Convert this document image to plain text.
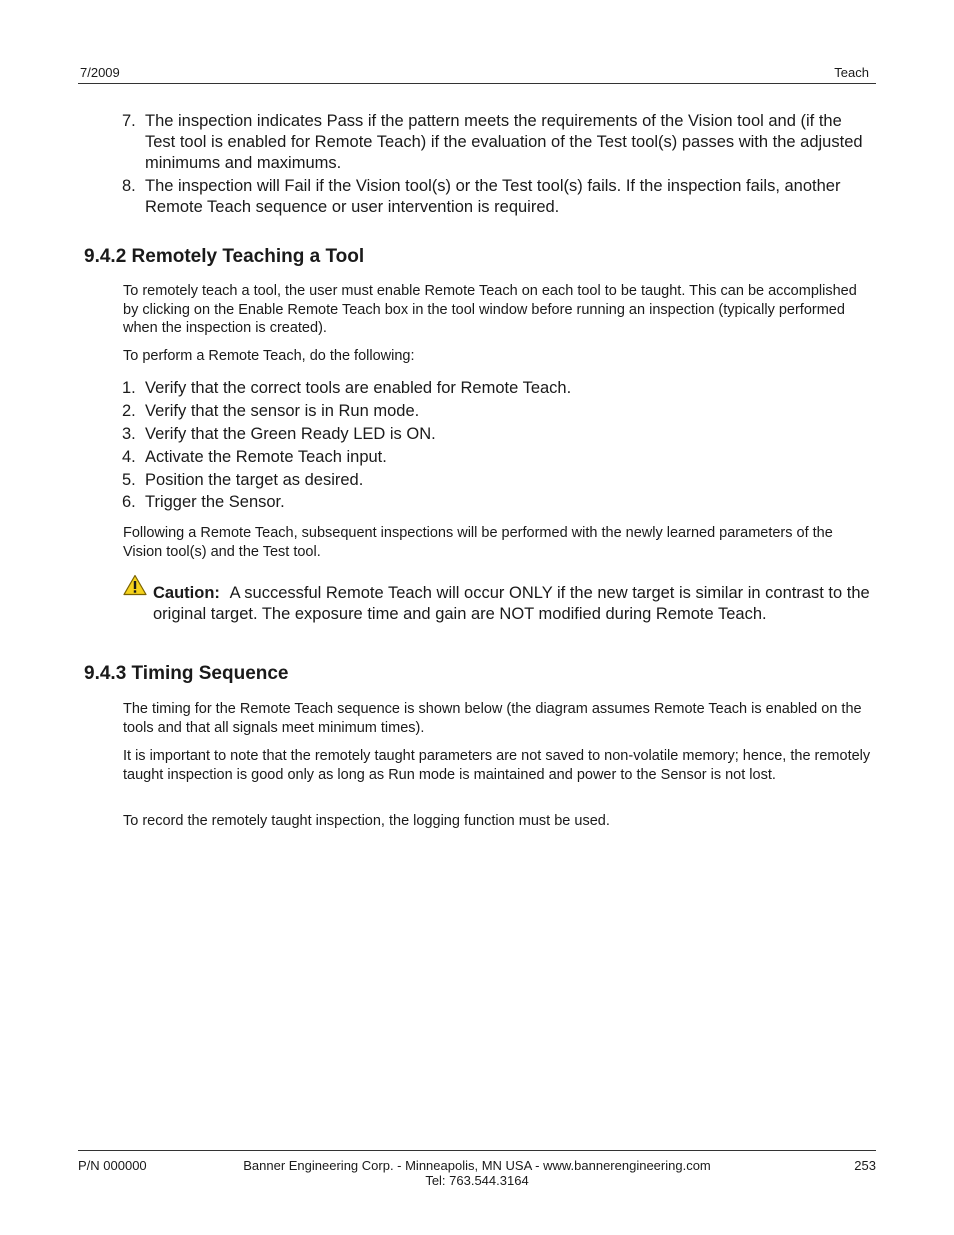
7/2009	Teach
7. The inspection indicates Pass if the pattern meets the requirements of the Vision tool and (if the Test tool is enabled for Remote Teach) if the evaluation of the Test tool(s) passes with the adjusted minimums and maximums.
8. The inspection will Fail if the Vision tool(s) or the Test tool(s) fails. If the inspection fails, another Remote Teach sequence or user intervention is required.
9.4.2 Remotely Teaching a Tool
To remotely teach a tool, the user must enable Remote Teach on each tool to be taught. This can be accomplished by clicking on the Enable Remote Teach box in the tool window before running an inspection (typically performed when the inspection is created).
To perform a Remote Teach, do the following:
1. Verify that the correct tools are enabled for Remote Teach.
2. Verify that the sensor is in Run mode.
3. Verify that the Green Ready LED is ON.
4. Activate the Remote Teach input.
5. Position the target as desired.
6. Trigger the Sensor.
Following a Remote Teach, subsequent inspections will be performed with the newly learned parameters of the Vision tool(s) and the Test tool.
Caution: A successful Remote Teach will occur ONLY if the new target is similar in contrast to the original target. The exposure time and gain are NOT modified during Remote Teach.
9.4.3 Timing Sequence
The timing for the Remote Teach sequence is shown below (the diagram assumes Remote Teach is enabled on the tools and that all signals meet minimum times).
It is important to note that the remotely taught parameters are not saved to non-volatile memory; hence, the remotely taught inspection is good only as long as Run mode is maintained and power to the Sensor is not lost.
To record the remotely taught inspection, the logging function must be used.
P/N 000000	Banner Engineering Corp. - Minneapolis, MN USA - www.bannerengineering.com
Tel: 763.544.3164
253
